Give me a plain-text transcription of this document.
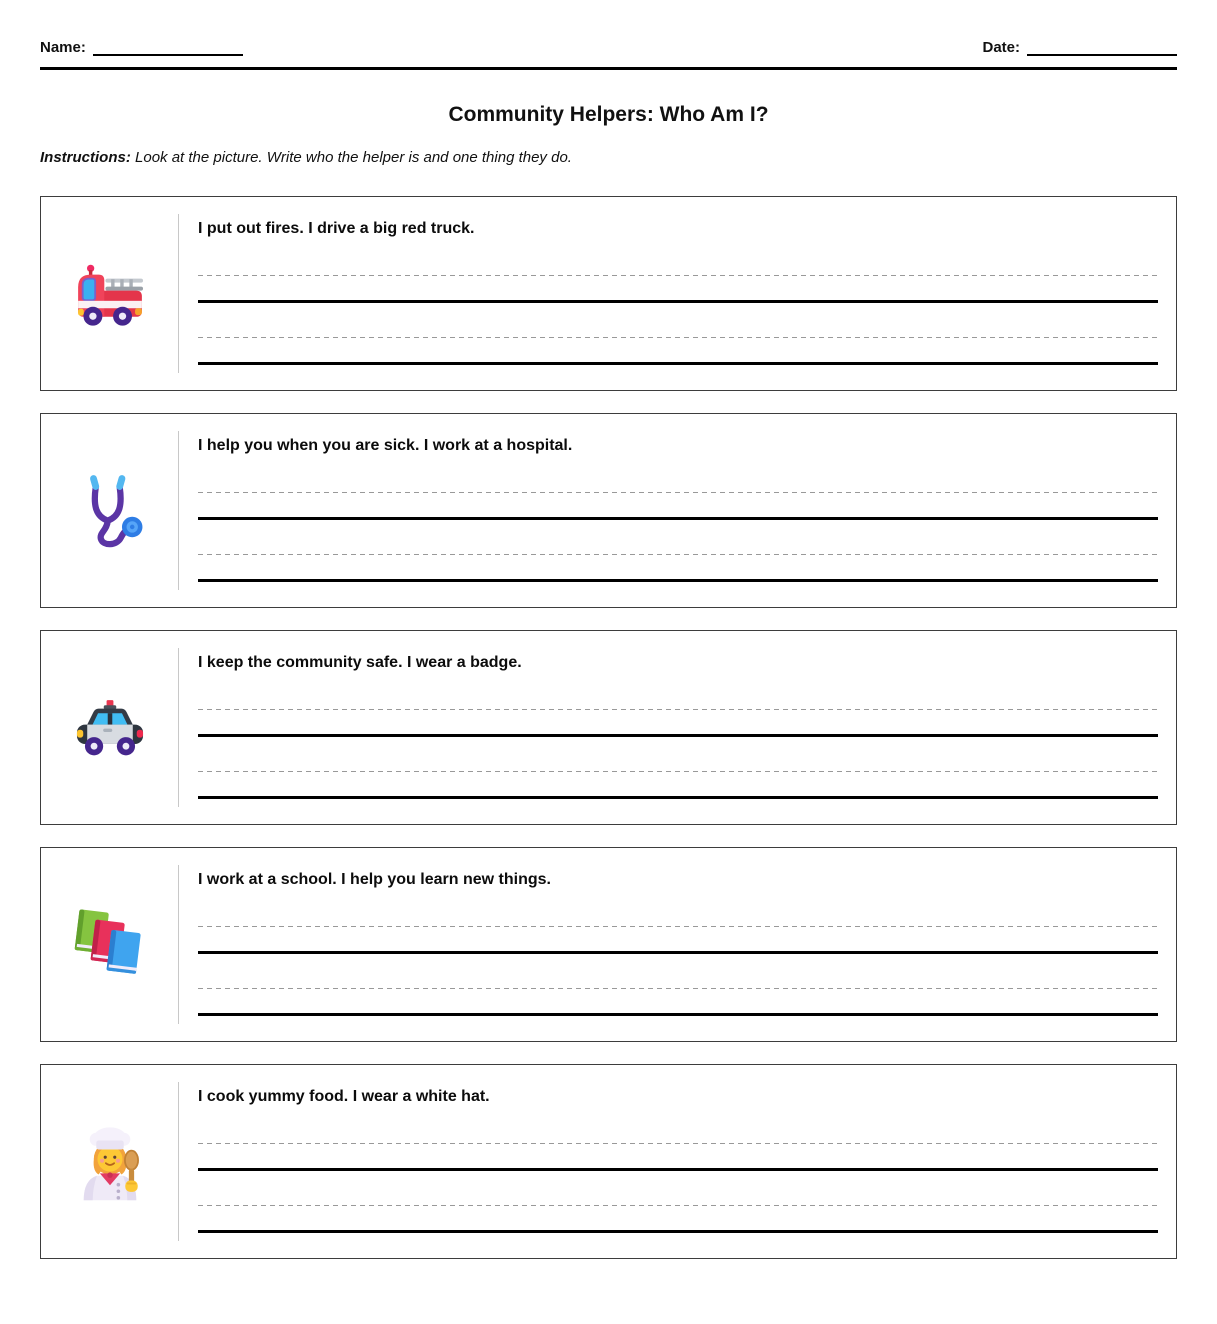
Name:	Date:
Community Helpers: Who Am I?

Instructions: Look at the picture. Write who the helper is and one thing they do.

I put out fires. I drive a big red truck.
I help you when you are sick. I work at a hospital.
I keep the community safe. I wear a badge.
I work at a school. I help you learn new things.
I cook yummy food. I wear a white hat.
